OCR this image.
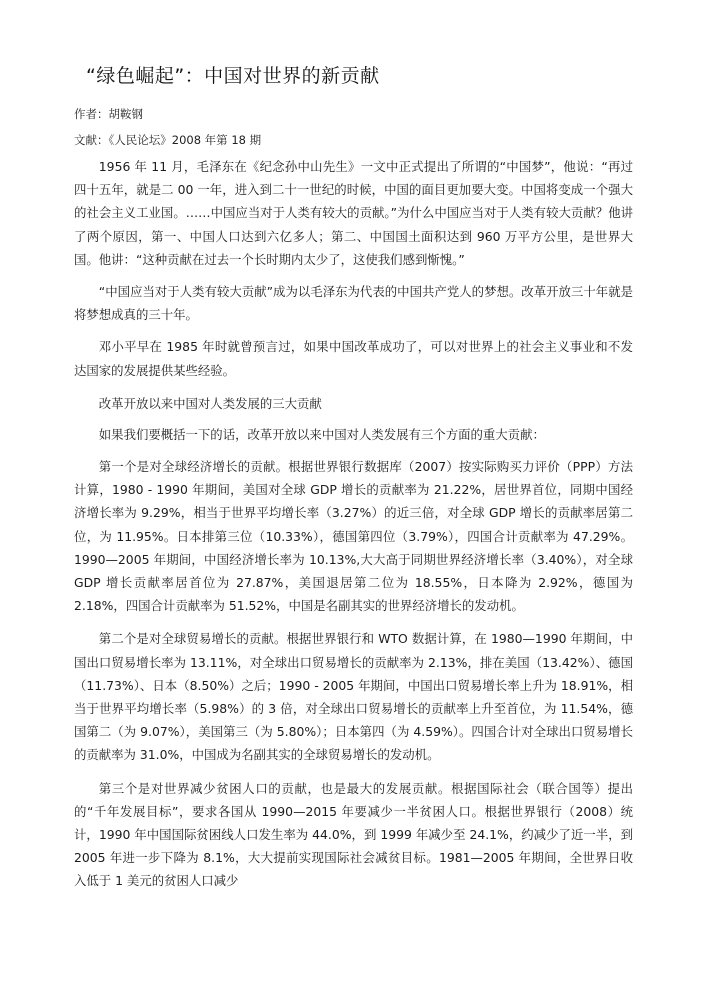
“绿色崛起”：中国对世界的新贡献

作者：胡鞍钢

文献：《人民论坛》2008 年第 18 期

1956 年 11 月，毛泽东在《纪念孙中山先生》一文中正式提出了所谓的“中国梦”，他说：“再过四十五年，就是二 00 一年，进入到二十一世纪的时候，中国的面目更加要大变。中国将变成一个强大的社会主义工业国。……中国应当对于人类有较大的贡献。”为什么中国应当对于人类有较大贡献？他讲了两个原因，第一、中国人口达到六亿多人；第二、中国国土面积达到 960 万平方公里，是世界大国。他讲：“这种贡献在过去一个长时期内太少了，这使我们感到惭愧。”

“中国应当对于人类有较大贡献”成为以毛泽东为代表的中国共产党人的梦想。改革开放三十年就是将梦想成真的三十年。

邓小平早在 1985 年时就曾预言过，如果中国改革成功了，可以对世界上的社会主义事业和不发达国家的发展提供某些经验。

改革开放以来中国对人类发展的三大贡献

如果我们要概括一下的话，改革开放以来中国对人类发展有三个方面的重大贡献：

第一个是对全球经济增长的贡献。根据世界银行数据库（2007）按实际购买力评价（PPP）方法计算，1980 - 1990 年期间，美国对全球 GDP 增长的贡献率为 21.22%，居世界首位，同期中国经济增长率为 9.29%，相当于世界平均增长率（3.27%）的近三倍，对全球 GDP 增长的贡献率居第二位，为 11.95%。日本排第三位（10.33%），德国第四位（3.79%），四国合计贡献率为 47.29%。1990—2005 年期间，中国经济增长率为 10.13%,大大高于同期世界经济增长率（3.40%），对全球 GDP 增长贡献率居首位为 27.87%，美国退居第二位为 18.55%，日本降为 2.92%，德国为 2.18%，四国合计贡献率为 51.52%，中国是名副其实的世界经济增长的发动机。

第二个是对全球贸易增长的贡献。根据世界银行和 WTO 数据计算，在 1980—1990 年期间，中国出口贸易增长率为 13.11%，对全球出口贸易增长的贡献率为 2.13%，排在美国（13.42%）、德国（11.73%）、日本（8.50%）之后；1990 - 2005 年期间，中国出口贸易增长率上升为 18.91%，相当于世界平均增长率（5.98%）的 3 倍，对全球出口贸易增长的贡献率上升至首位，为 11.54%，德国第二（为 9.07%），美国第三（为 5.80%）；日本第四（为 4.59%）。四国合计对全球出口贸易增长的贡献率为 31.0%，中国成为名副其实的全球贸易增长的发动机。

第三个是对世界减少贫困人口的贡献，也是最大的发展贡献。根据国际社会（联合国等）提出的“千年发展目标”，要求各国从 1990—2015 年要减少一半贫困人口。根据世界银行（2008）统计，1990 年中国国际贫困线人口发生率为 44.0%，到 1999 年减少至 24.1%，约减少了近一半，到 2005 年进一步下降为 8.1%，大大提前实现国际社会减贫目标。1981—2005 年期间，全世界日收入低于 1 美元的贫困人口减少
